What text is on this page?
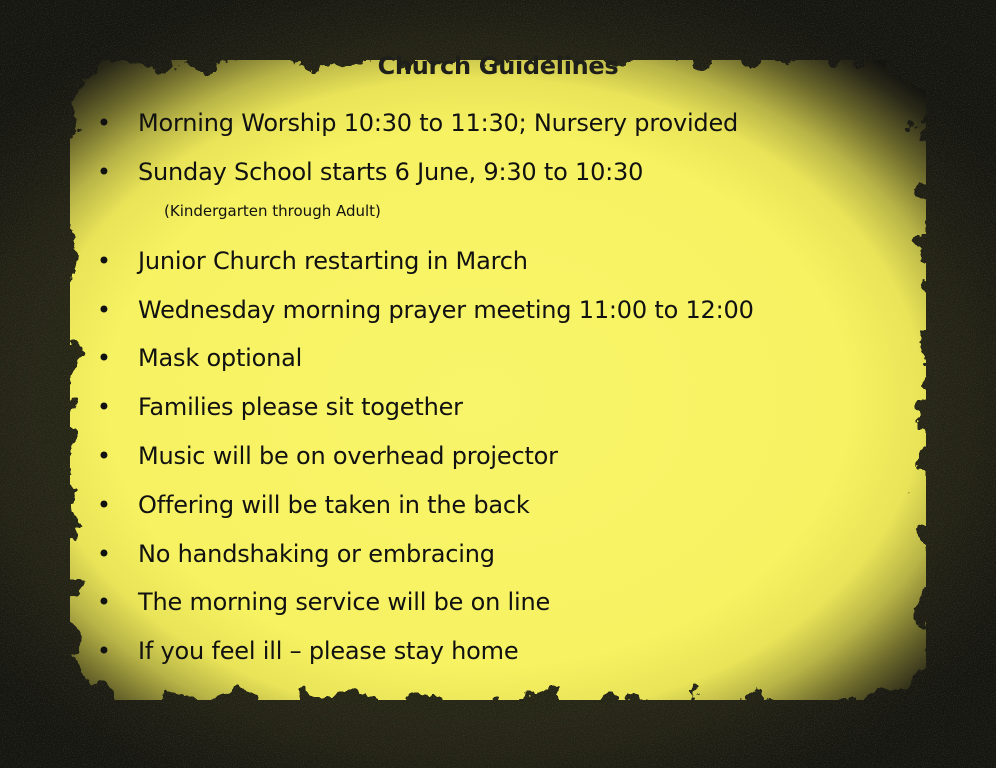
Church Guidelines
• Morning Worship 10:30 to 11:30; Nursery provided
• Sunday School starts 6 June, 9:30 to 10:30
• Junior Church restarting in March
• Wednesday morning prayer meeting 11:00 to 12:00
• Mask optional
• Families please sit together
• Music will be on overhead projector
• Offering will be taken in the back
• No handshaking or embracing
• The morning service will be on line
• If you feel ill – please stay home
(Kindergarten through Adult)
